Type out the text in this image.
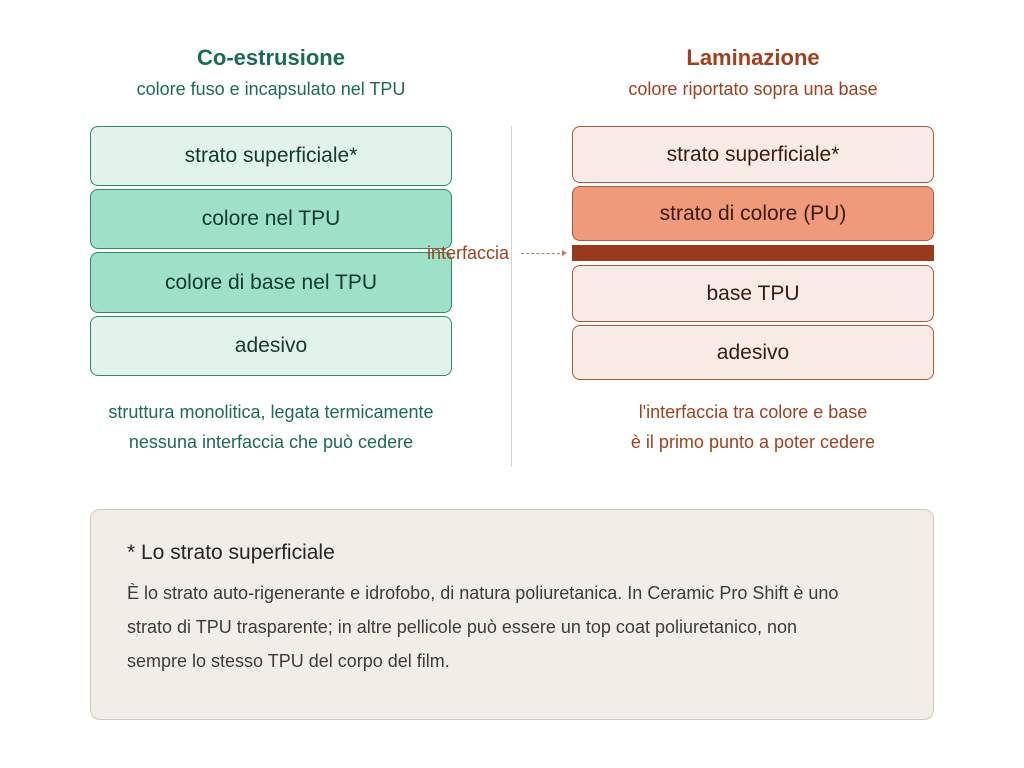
Co-estrusione
colore fuso e incapsulato nel TPU
strato superficiale*
colore nel TPU
colore di base nel TPU
adesivo
struttura monolitica, legata termicamente
nessuna interfaccia che può cedere
Laminazione
colore riportato sopra una base
strato superficiale*
strato di colore (PU)
base TPU
adesivo
interfaccia
l'interfaccia tra colore e base
è il primo punto a poter cedere
* Lo strato superficiale
È lo strato auto-rigenerante e idrofobo, di natura poliuretanica. In Ceramic Pro Shift è uno strato di TPU trasparente; in altre pellicole può essere un top coat poliuretanico, non sempre lo stesso TPU del corpo del film.
